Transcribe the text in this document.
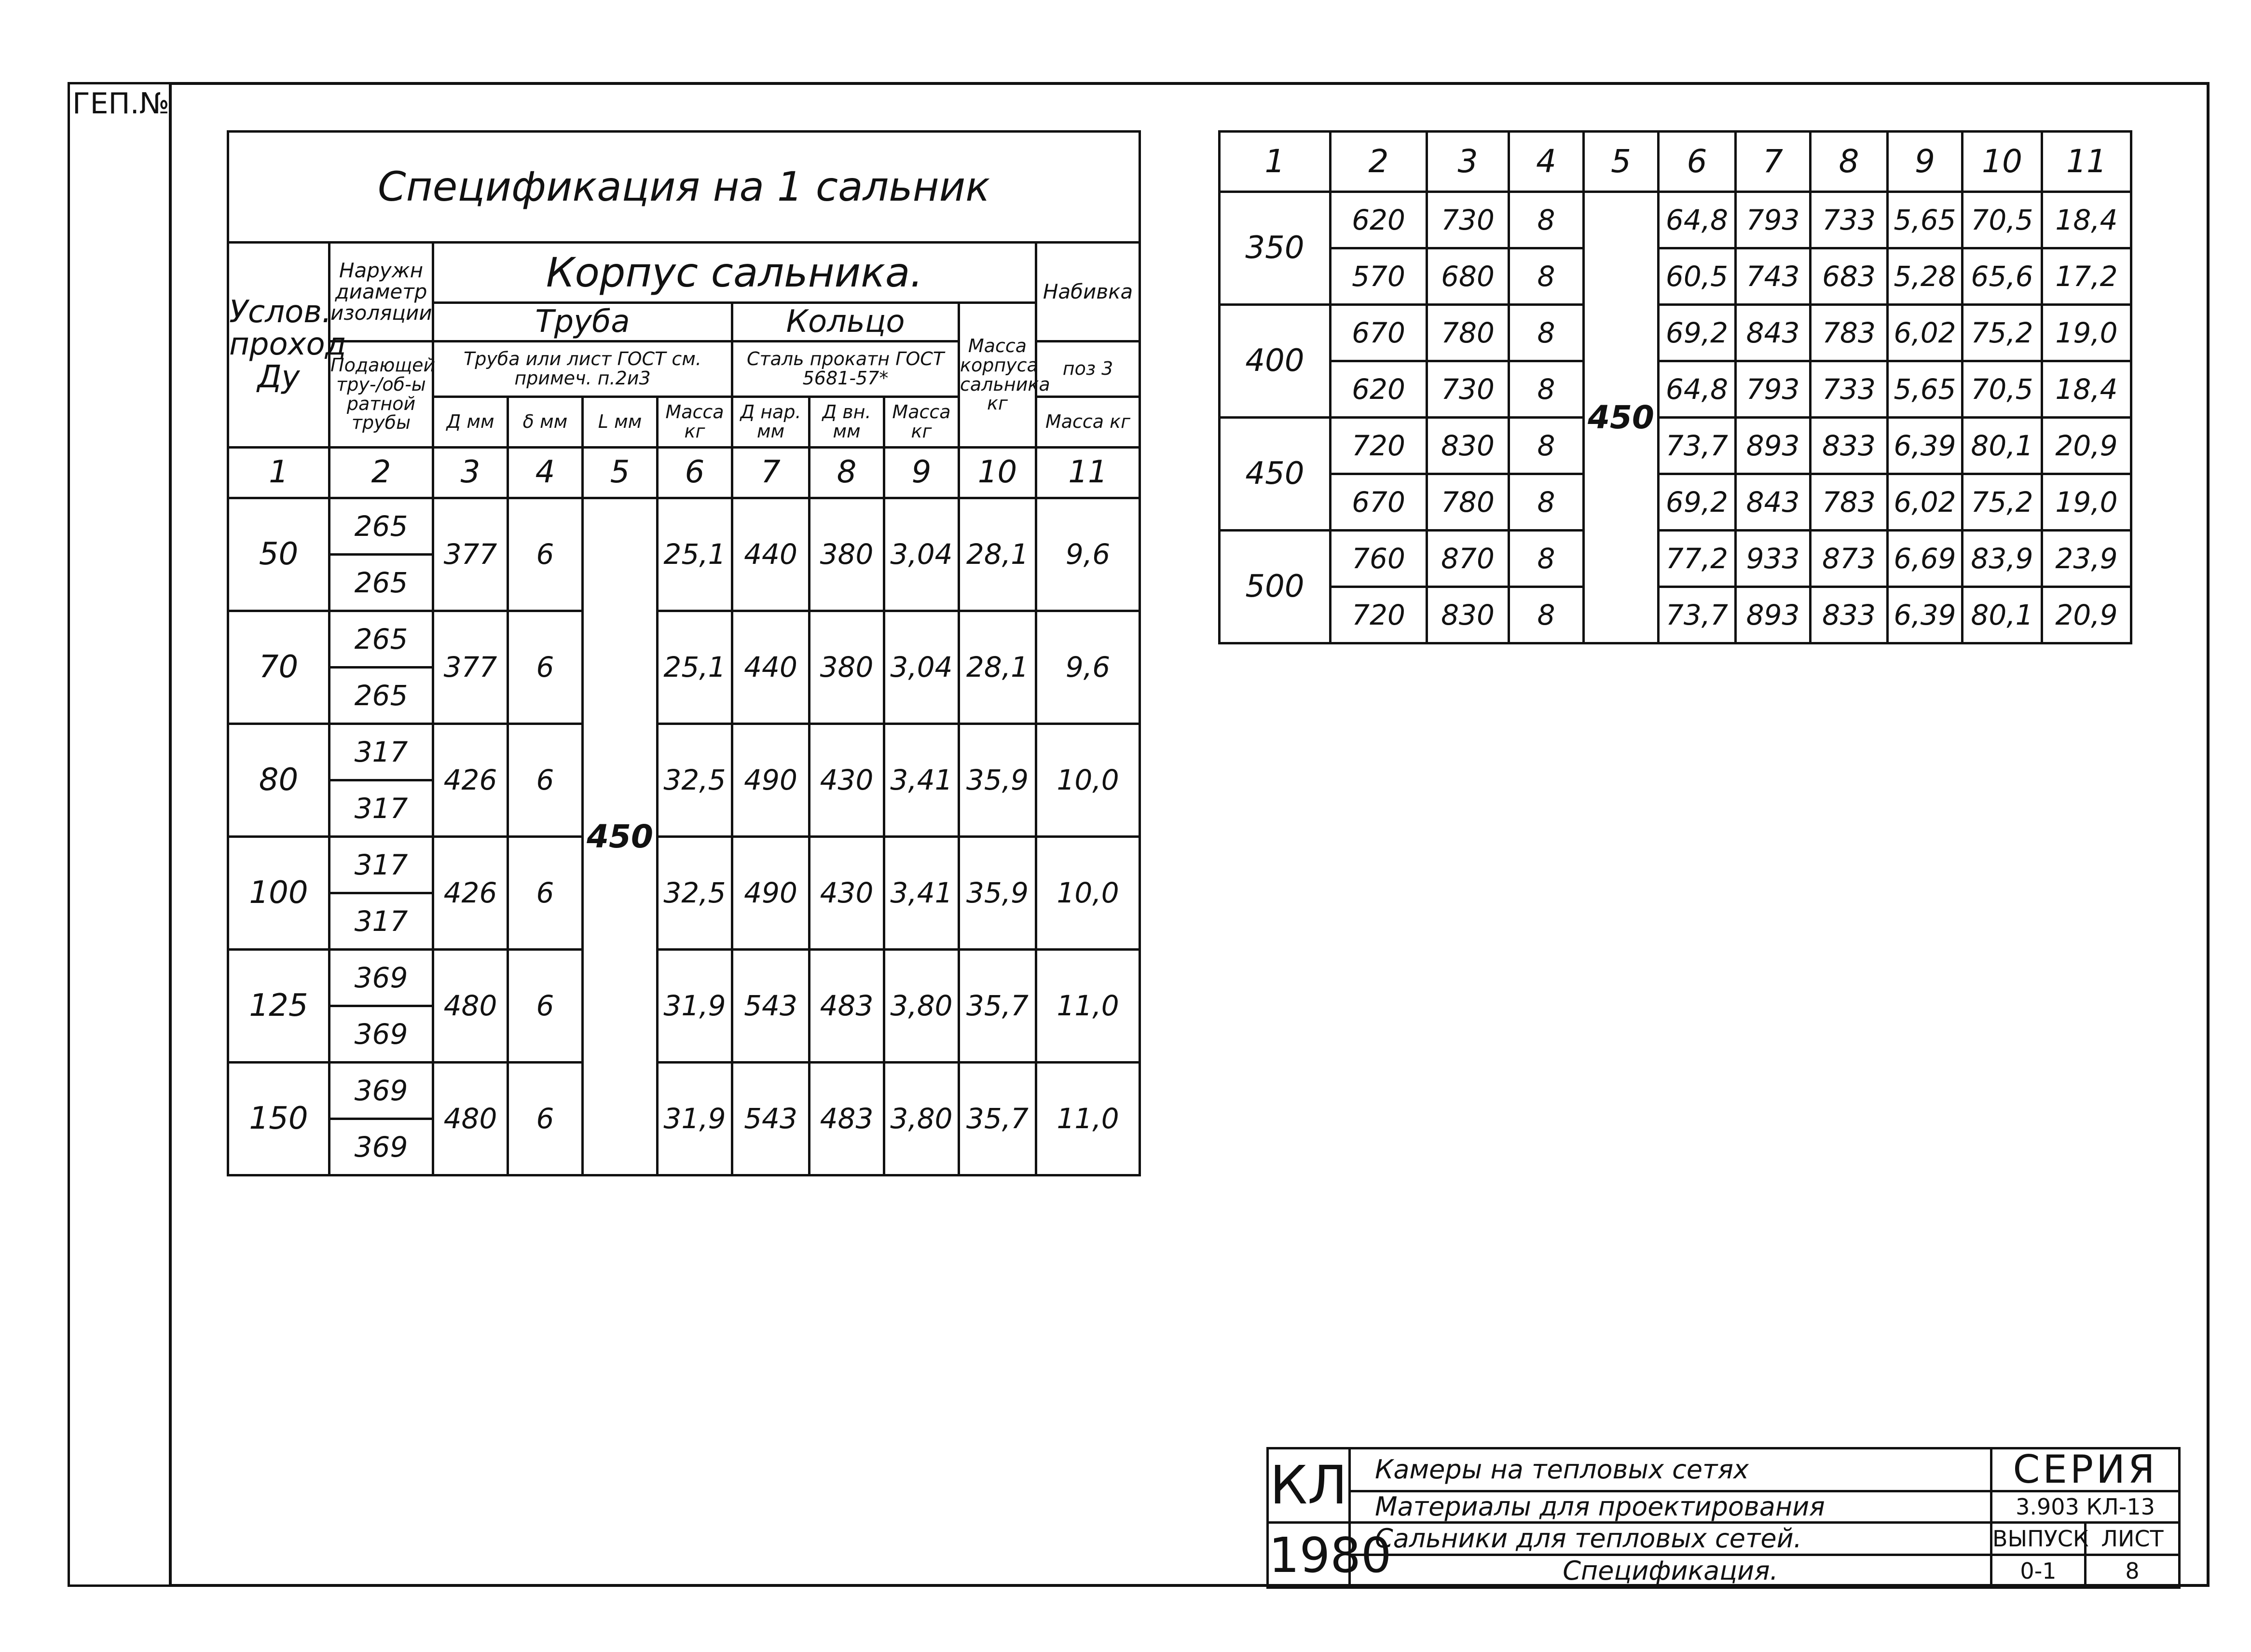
ГЕП.№
Спецификация на 1 сальник										
Услов. проход Ду	Наружн диаметр изоляции	Корпус сальника.								Набивка
		Труба				Кольцо			Масса корпуса сальника кг	
	Подающей тру-/об-ы ратной трубы	Труба или лист ГОСТ см. примеч. п.2и3				Сталь прокатн ГОСТ 5681-57*				поз 3
		Д мм	δ мм	L мм	Масса кг	Д нар. мм	Д вн. мм	Масса кг		Масса кг
1	2	3	4	5	6	7	8	9	10	11
50	265	377	6	450	25,1	440	380	3,04	28,1	9,6
	265									
70	265	377	6		25,1	440	380	3,04	28,1	9,6
	265									
80	317	426	6		32,5	490	430	3,41	35,9	10,0
	317									
100	317	426	6		32,5	490	430	3,41	35,9	10,0
	317									
125	369	480	6		31,9	543	483	3,80	35,7	11,0
	369									
150	369	480	6		31,9	543	483	3,80	35,7	11,0
	369									
1	2	3	4	5	6	7	8	9	10	11
350	620	730	8	450	64,8	793	733	5,65	70,5	18,4
	570	680	8		60,5	743	683	5,28	65,6	17,2
400	670	780	8		69,2	843	783	6,02	75,2	19,0
	620	730	8		64,8	793	733	5,65	70,5	18,4
450	720	830	8		73,7	893	833	6,39	80,1	20,9
	670	780	8		69,2	843	783	6,02	75,2	19,0
500	760	870	8		77,2	933	873	6,69	83,9	23,9
	720	830	8		73,7	893	833	6,39	80,1	20,9
КЛ	Камеры на тепловых сетях	СЕРИЯ	
	Материалы для проектирования	3.903 КЛ-13	
1980	Сальники для тепловых сетей.	ВЫПУСК	ЛИСТ
	Спецификация.	0-1	8
